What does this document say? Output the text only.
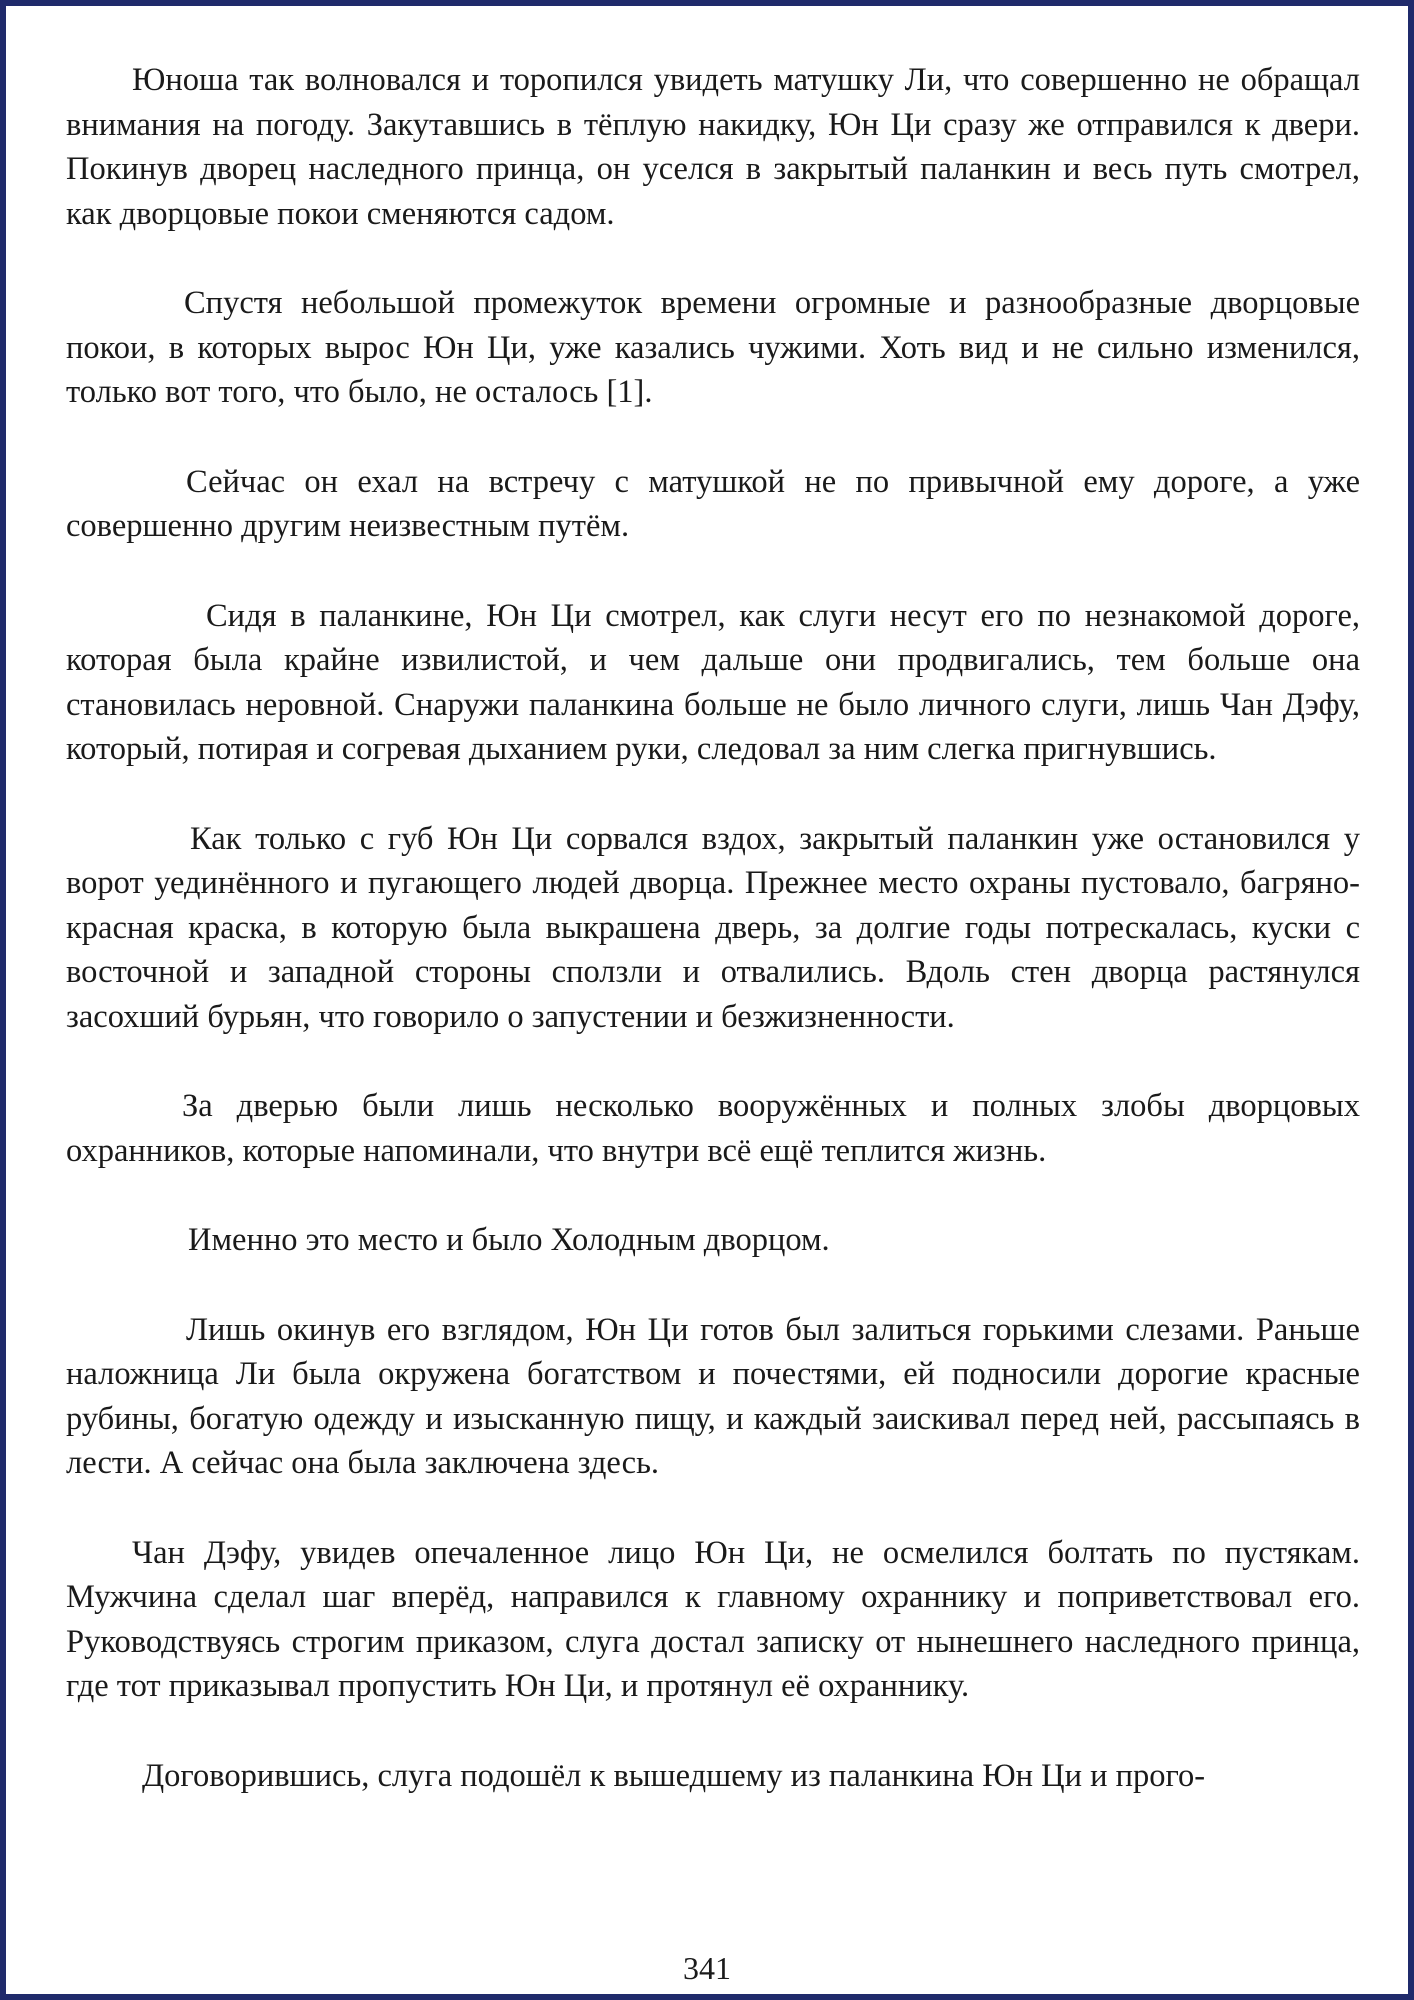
Юноша так волновался и торопился увидеть матушку Ли, что совершенно не обращал внимания на погоду. Закутавшись в тёплую накидку, Юн Ци сразу же отправился к двери. Покинув дворец наследного принца, он уселся в закрытый паланкин и весь путь смотрел, как дворцовые покои сменяются садом.

Спустя небольшой промежуток времени огромные и разнообразные дворцовые покои, в которых вырос Юн Ци, уже казались чужими. Хоть вид и не сильно изменился, только вот того, что было, не осталось [1].

Сейчас он ехал на встречу с матушкой не по привычной ему дороге, а уже совершенно другим неизвестным путём.

Сидя в паланкине, Юн Ци смотрел, как слуги несут его по незнакомой дороге, которая была крайне извилистой, и чем дальше они продвигались, тем больше она становилась неровной. Снаружи паланкина больше не было личного слуги, лишь Чан Дэфу, который, потирая и согревая дыханием руки, следовал за ним слегка пригнувшись.

Как только с губ Юн Ци сорвался вздох, закрытый паланкин уже остановился у ворот уединённого и пугающего людей дворца. Прежнее место охраны пустовало, багряно-красная краска, в которую была выкрашена дверь, за долгие годы потрескалась, куски с восточной и западной стороны сползли и отвалились. Вдоль стен дворца растянулся засохший бурьян, что говорило о запустении и безжизненности.

За дверью были лишь несколько вооружённых и полных злобы дворцовых охранников, которые напоминали, что внутри всё ещё теплится жизнь.

Именно это место и было Холодным дворцом.

Лишь окинув его взглядом, Юн Ци готов был залиться горькими слезами. Раньше наложница Ли была окружена богатством и почестями, ей подносили дорогие красные рубины, богатую одежду и изысканную пищу, и каждый заискивал перед ней, рассыпаясь в лести. А сейчас она была заключена здесь.

Чан Дэфу, увидев опечаленное лицо Юн Ци, не осмелился болтать по пустякам. Мужчина сделал шаг вперёд, направился к главному охраннику и поприветствовал его. Руководствуясь строгим приказом, слуга достал записку от нынешнего наследного принца, где тот приказывал пропустить Юн Ци, и протянул её охраннику.

Договорившись, слуга подошёл к вышедшему из паланкина Юн Ци и прого-

341
